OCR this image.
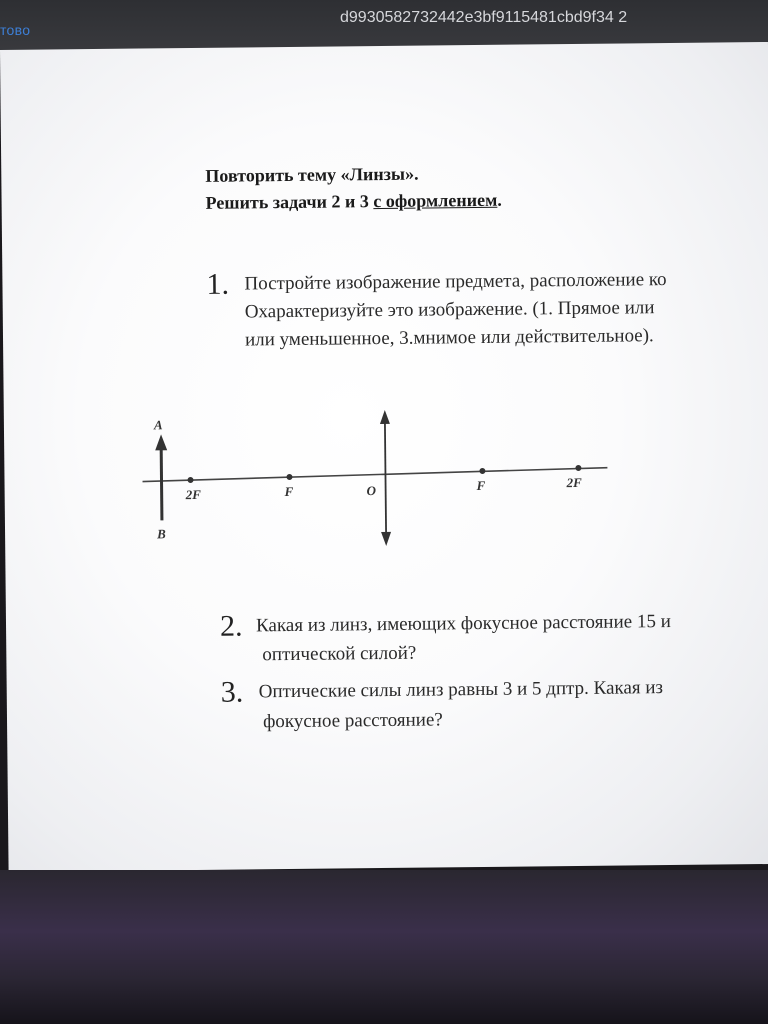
тово
d9930582732442e3bf9115481cbd9f34 2
Повторить тему «Линзы».
Решить задачи 2 и 3 с оформлением.
1. Постройте изображение предмета, расположение ко
Охарактеризуйте это изображение. (1. Прямое или
или уменьшенное, 3.мнимое или действительное).
A
B
2F	F	O	F	2F
2. Какая из линз, имеющих фокусное расстояние 15 и
оптической силой?
3. Оптические силы линз равны 3 и 5 дптр. Какая из
фокусное расстояние?
